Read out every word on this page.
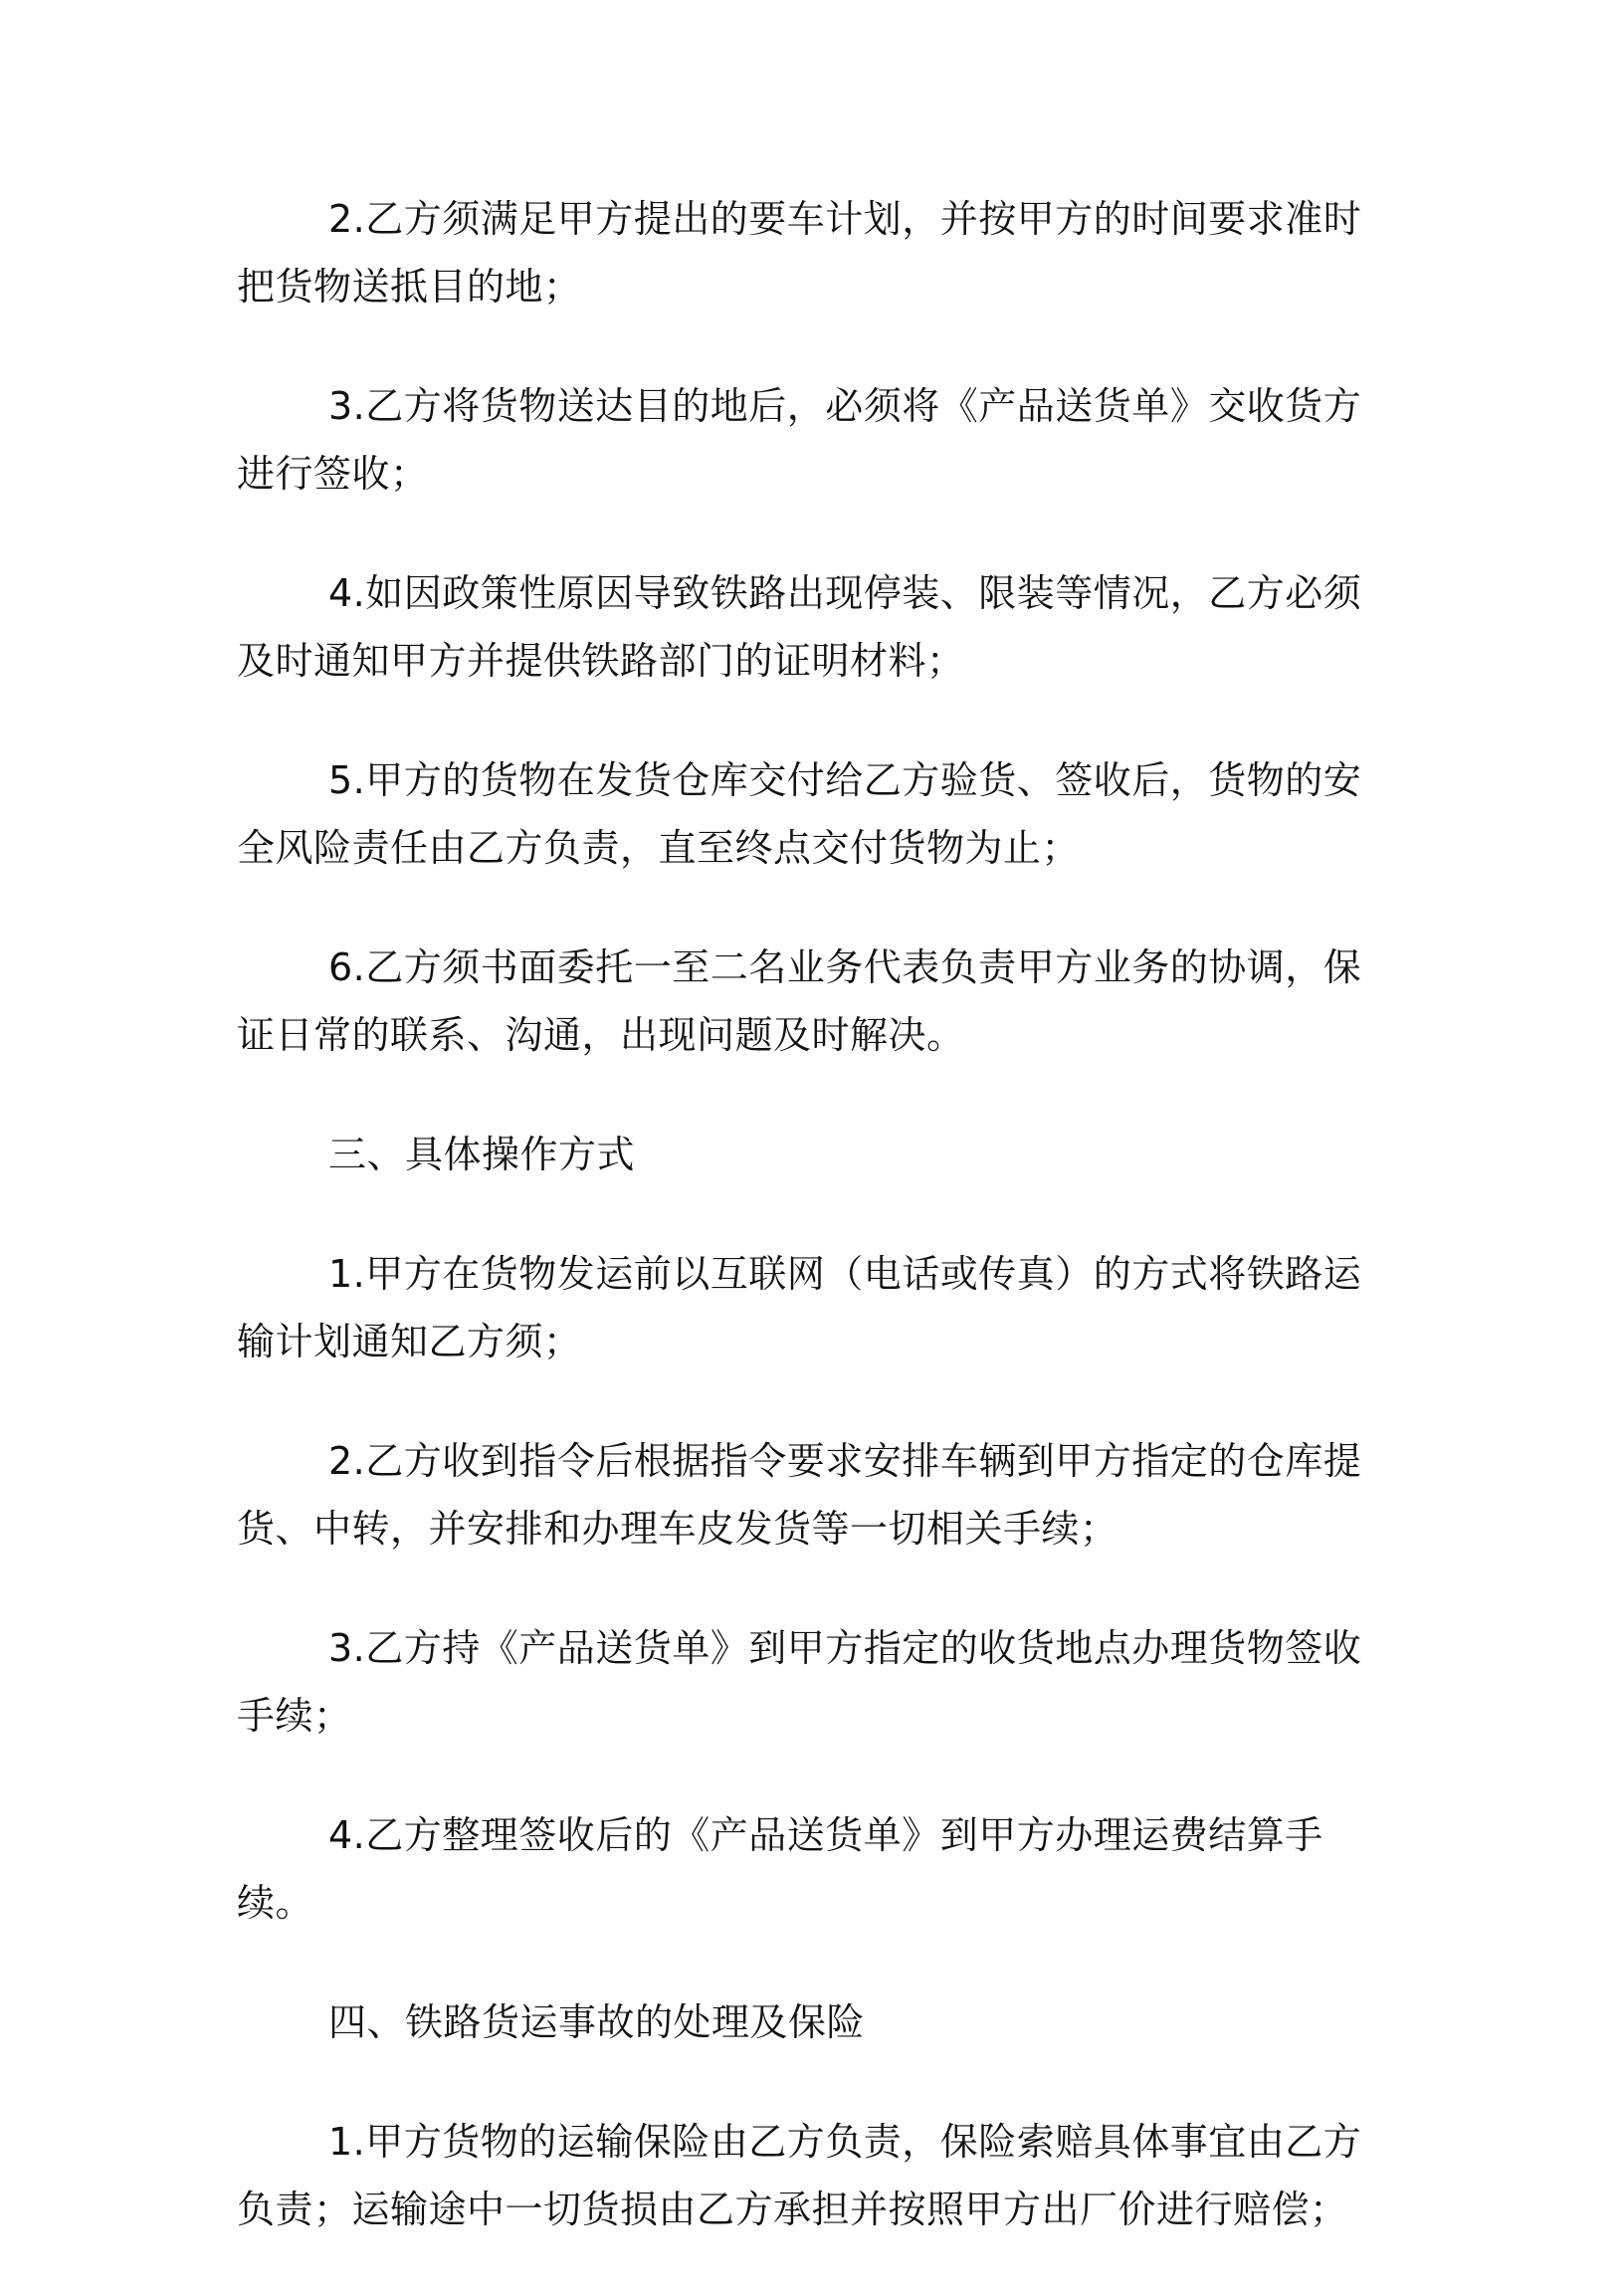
2.乙方须满足甲方提出的要车计划，并按甲方的时间要求准时把货物送抵目的地；

3.乙方将货物送达目的地后，必须将《产品送货单》交收货方进行签收；

4.如因政策性原因导致铁路出现停装、限装等情况，乙方必须及时通知甲方并提供铁路部门的证明材料；

5.甲方的货物在发货仓库交付给乙方验货、签收后，货物的安全风险责任由乙方负责，直至终点交付货物为止；

6.乙方须书面委托一至二名业务代表负责甲方业务的协调，保证日常的联系、沟通，出现问题及时解决。

三、具体操作方式

1.甲方在货物发运前以互联网（电话或传真）的方式将铁路运输计划通知乙方须；

2.乙方收到指令后根据指令要求安排车辆到甲方指定的仓库提货、中转，并安排和办理车皮发货等一切相关手续；

3.乙方持《产品送货单》到甲方指定的收货地点办理货物签收手续；

4.乙方整理签收后的《产品送货单》到甲方办理运费结算手续。

四、铁路货运事故的处理及保险

1.甲方货物的运输保险由乙方负责，保险索赔具体事宜由乙方负责；运输途中一切货损由乙方承担并按照甲方出厂价进行赔偿；
